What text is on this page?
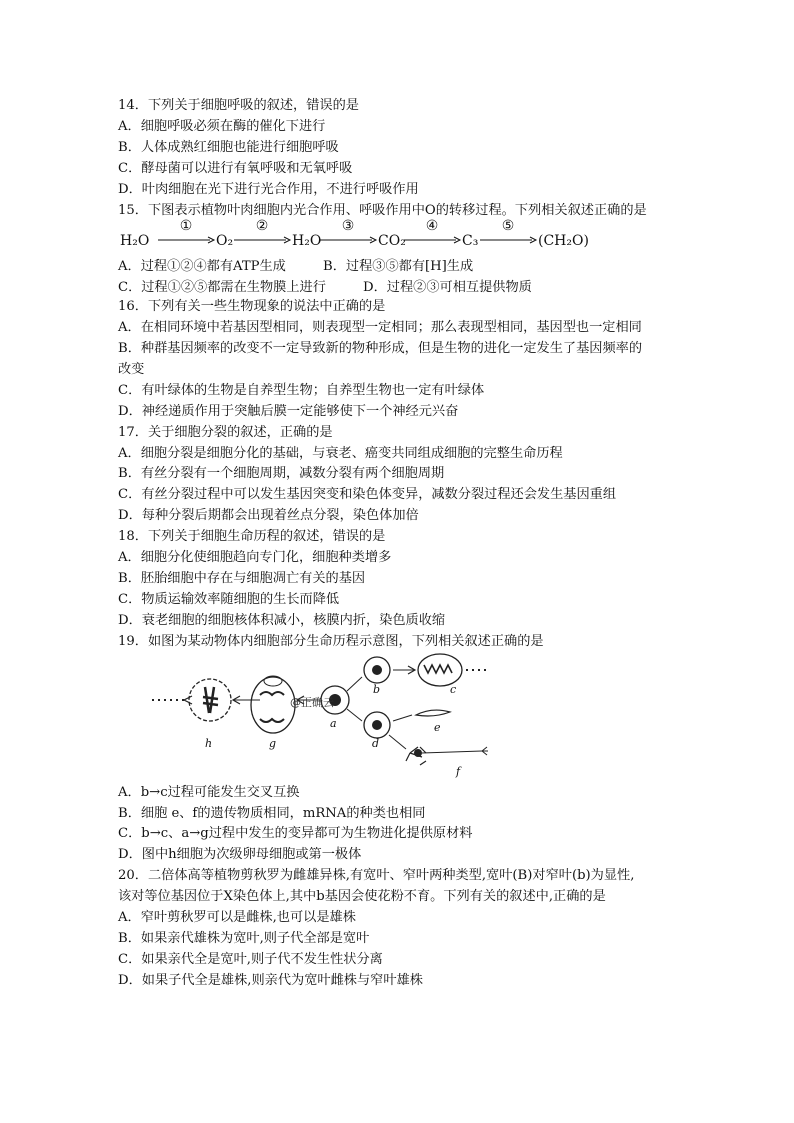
14．下列关于细胞呼吸的叙述，错误的是
A．细胞呼吸必须在酶的催化下进行
B．人体成熟红细胞也能进行细胞呼吸
C．酵母菌可以进行有氧呼吸和无氧呼吸
D．叶肉细胞在光下进行光合作用，不进行呼吸作用
15．下图表示植物叶肉细胞内光合作用、呼吸作用中O的转移过程。下列相关叙述正确的是
H₂O
①
O₂
②
H₂O
③
CO₂
④
C₃
⑤
(CH₂O)
A．过程①②④都有ATP生成	B．过程③⑤都有[H]生成
C．过程①②⑤都需在生物膜上进行	D．过程②③可相互提供物质
16．下列有关一些生物现象的说法中正确的是
A．在相同环境中若基因型相同，则表现型一定相同；那么表现型相同，基因型也一定相同
B．种群基因频率的改变不一定导致新的物种形成，但是生物的进化一定发生了基因频率的
改变
C．有叶绿体的生物是自养型生物；自养型生物也一定有叶绿体
D．神经递质作用于突触后膜一定能够使下一个神经元兴奋
17．关于细胞分裂的叙述，正确的是
A．细胞分裂是细胞分化的基础，与衰老、癌变共同组成细胞的完整生命历程
B．有丝分裂有一个细胞周期，减数分裂有两个细胞周期
C．有丝分裂过程中可以发生基因突变和染色体变异，减数分裂过程还会发生基因重组
D．每种分裂后期都会出现着丝点分裂，染色体加倍
18．下列关于细胞生命历程的叙述，错误的是
A．细胞分化使细胞趋向专门化，细胞种类增多
B．胚胎细胞中存在与细胞凋亡有关的基因
C．物质运输效率随细胞的生长而降低
D．衰老细胞的细胞核体积减小，核膜内折，染色质收缩
19．如图为某动物体内细胞部分生命历程示意图，下列相关叙述正确的是
h	g
a
b	c
d
e
f
@正确云
A．b→c过程可能发生交叉互换
B．细胞 e、f的遗传物质相同，mRNA的种类也相同
C．b→c、a→g过程中发生的变异都可为生物进化提供原材料
D．图中h细胞为次级卵母细胞或第一极体
20．二倍体高等植物剪秋罗为雌雄异株,有宽叶、窄叶两种类型,宽叶(B)对窄叶(b)为显性,
该对等位基因位于X染色体上,其中b基因会使花粉不育。下列有关的叙述中,正确的是
A．窄叶剪秋罗可以是雌株,也可以是雄株
B．如果亲代雄株为宽叶,则子代全部是宽叶
C．如果亲代全是宽叶,则子代不发生性状分离
D．如果子代全是雄株,则亲代为宽叶雌株与窄叶雄株
